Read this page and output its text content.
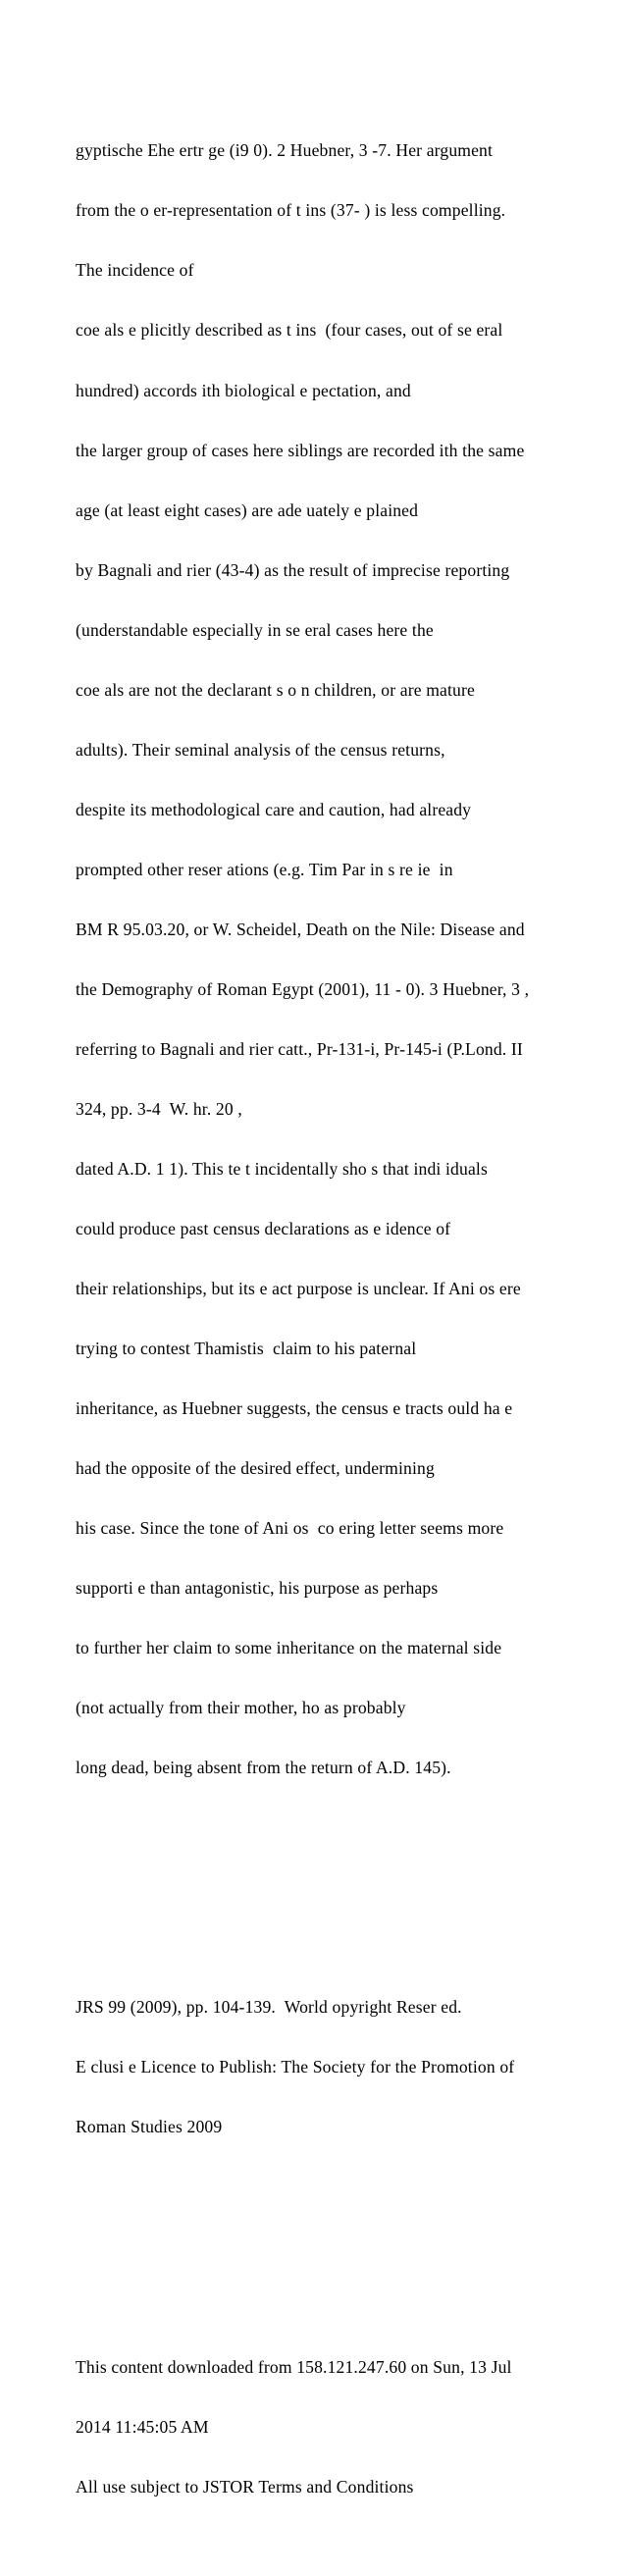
gyptische Ehe ertr ge (i9 0). 2 Huebner, 3 -7. Her argument

from the o er-representation of t ins (37- ) is less compelling.

The incidence of

coe als e plicitly described as t ins  (four cases, out of se eral

hundred) accords ith biological e pectation, and

the larger group of cases here siblings are recorded ith the same

age (at least eight cases) are ade uately e plained

by Bagnali and rier (43-4) as the result of imprecise reporting

(understandable especially in se eral cases here the

coe als are not the declarant s o n children, or are mature

adults). Their seminal analysis of the census returns,

despite its methodological care and caution, had already

prompted other reser ations (e.g. Tim Par in s re ie  in

BM R 95.03.20, or W. Scheidel, Death on the Nile: Disease and

the Demography of Roman Egypt (2001), 11 - 0). 3 Huebner, 3 ,

referring to Bagnali and rier catt., Pr-131-i, Pr-145-i (P.Lond. II

324, pp. 3-4  W. hr. 20 ,

dated A.D. 1 1). This te t incidentally sho s that indi iduals

could produce past census declarations as e idence of

their relationships, but its e act purpose is unclear. If Ani os ere

trying to contest Thamistis  claim to his paternal

inheritance, as Huebner suggests, the census e tracts ould ha e

had the opposite of the desired effect, undermining

his case. Since the tone of Ani os  co ering letter seems more

supporti e than antagonistic, his purpose as perhaps

to further her claim to some inheritance on the maternal side

(not actually from their mother, ho as probably

long dead, being absent from the return of A.D. 145).

JRS 99 (2009), pp. 104-139.  World opyright Reser ed.

E clusi e Licence to Publish: The Society for the Promotion of

Roman Studies 2009

This content downloaded from 158.121.247.60 on Sun, 13 Jul

2014 11:45:05 AM

All use subject to JSTOR Terms and Conditions
